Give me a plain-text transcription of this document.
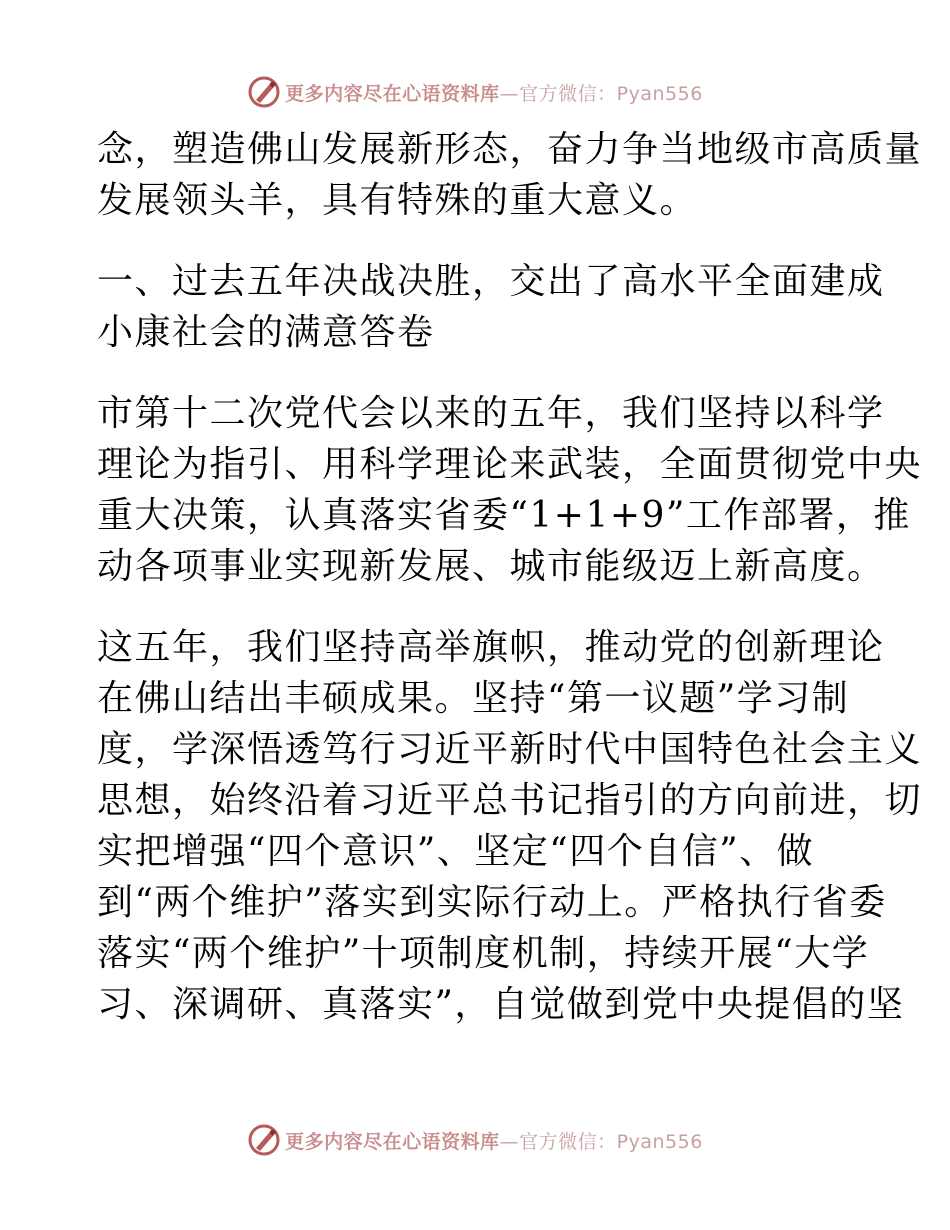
更多内容尽在心语资料库—官方微信：Pyan556
念，塑造佛山发展新形态，奋力争当地级市高质量
发展领头羊，具有特殊的重大意义。
一、过去五年决战决胜，交出了高水平全面建成
小康社会的满意答卷
市第十二次党代会以来的五年，我们坚持以科学
理论为指引、用科学理论来武装，全面贯彻党中央
重大决策，认真落实省委“1+1+9”工作部署，推
动各项事业实现新发展、城市能级迈上新高度。
这五年，我们坚持高举旗帜，推动党的创新理论
在佛山结出丰硕成果。坚持“第一议题”学习制
度，学深悟透笃行习近平新时代中国特色社会主义
思想，始终沿着习近平总书记指引的方向前进，切
实把增强“四个意识”、坚定“四个自信”、做
到“两个维护”落实到实际行动上。严格执行省委
落实“两个维护”十项制度机制，持续开展“大学
习、深调研、真落实”，自觉做到党中央提倡的坚
更多内容尽在心语资料库—官方微信：Pyan556
